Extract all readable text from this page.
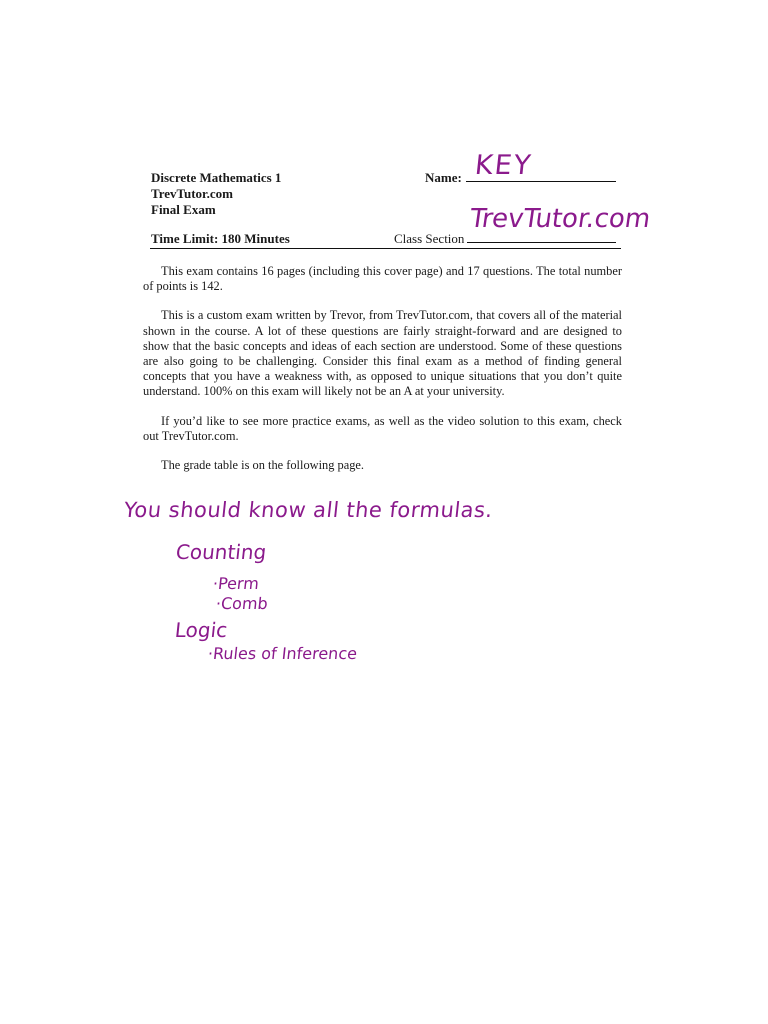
Discrete Mathematics 1
TrevTutor.com
Final Exam
Time Limit: 180 Minutes
Name: KEY
Class Section
TrevTutor.com

This exam contains 16 pages (including this cover page) and 17 questions. The total number of points is 142.

This is a custom exam written by Trevor, from TrevTutor.com, that covers all of the material shown in the course. A lot of these questions are fairly straight-forward and are designed to show that the basic concepts and ideas of each section are understood. Some of these questions are also going to be challenging. Consider this final exam as a method of finding general concepts that you have a weakness with, as opposed to unique situations that you don’t quite understand. 100% on this exam will likely not be an A at your university.

If you’d like to see more practice exams, as well as the video solution to this exam, check out TrevTutor.com.

The grade table is on the following page.

You should know all the formulas.
Counting
·Perm
·Comb
Logic
·Rules of Inference
